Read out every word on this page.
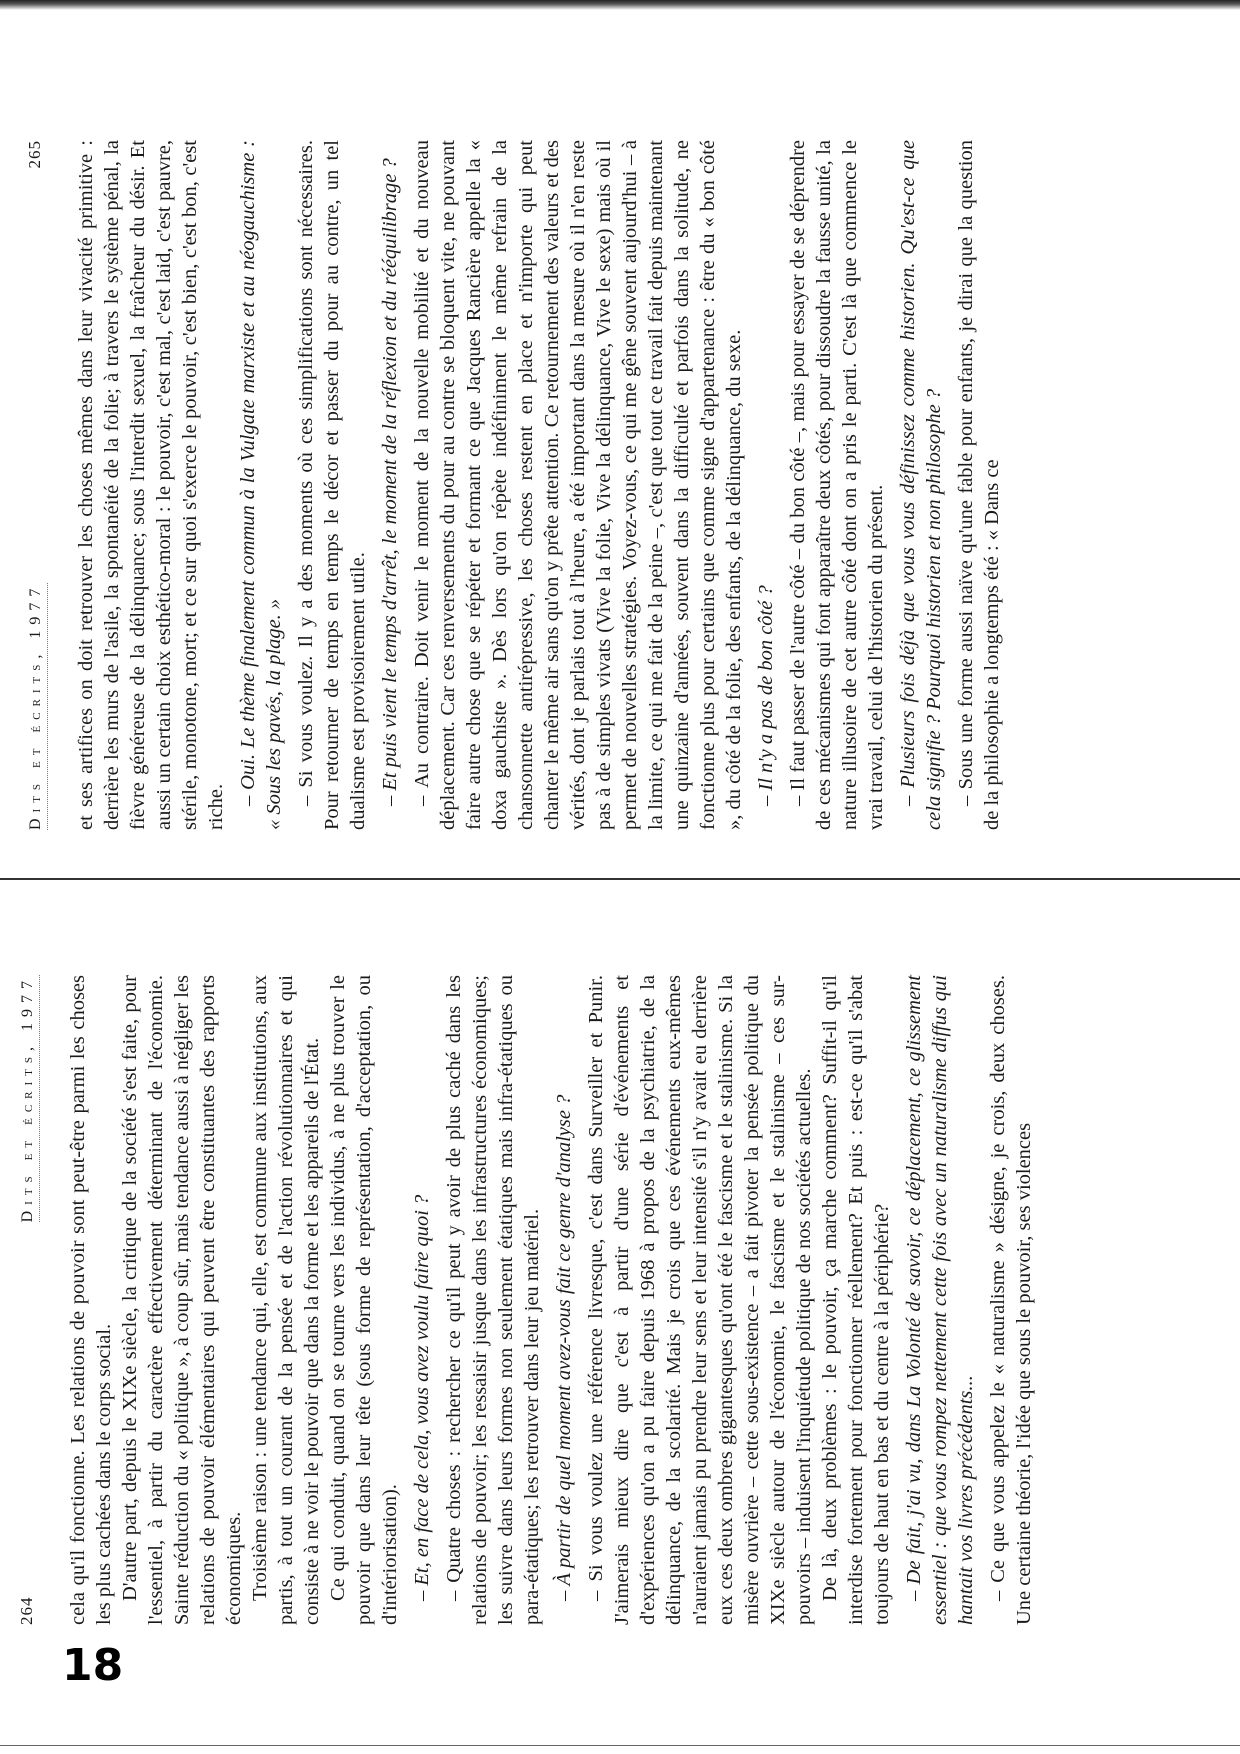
Dits et écrits, 1977
265 et ses artifices on doit retrouver les choses mêmes dans leur vivacité primitive : derrière les murs de l'asile, la spontanéité de la folie; à travers le système pénal, la fièvre généreuse de la délinquance; sous l'interdit sexuel, la fraîcheur du désir. Et aussi un certain choix esthético-moral : le pouvoir, c'est mal, c'est laid, c'est pauvre, stérile, monotone, mort; et ce sur quoi s'exerce le pouvoir, c'est bien, c'est bon, c'est riche.

– Oui. Le thème finalement commun à la Vulgate marxiste et au néogauchisme : « Sous les pavés, la plage. » – Si vous voulez. Il y a des moments où ces simplifications sont nécessaires. Pour retourner de temps en temps le décor et passer du pour au contre, un tel dualisme est provisoirement utile. – Et puis vient le temps d'arrêt, le moment de la réflexion et du rééquilibrage ? – Au contraire. Doit venir le moment de la nouvelle mobilité et du nouveau déplacement. Car ces renversements du pour au contre se bloquent vite, ne pouvant faire autre chose que se répéter et formant ce que Jacques Rancière appelle la « doxa gauchiste ». Dès lors qu'on répète indéfiniment le même refrain de la chansonnette antirépressive, les choses restent en place et n'importe qui peut chanter le même air sans qu'on y prête attention. Ce retournement des valeurs et des vérités, dont je parlais tout à l'heure, a été important dans la mesure où il n'en reste pas à de simples vivats (Vive la folie, Vive la délinquance, Vive le sexe) mais où il permet de nouvelles stratégies. Voyez-vous, ce qui me gêne souvent aujourd'hui – à la limite, ce qui me fait de la peine –, c'est que tout ce travail fait depuis maintenant une quinzaine d'années, souvent dans la difficulté et parfois dans la solitude, ne fonctionne plus pour certains que comme signe d'appartenance : être du « bon côté », du côté de la folie, des enfants, de la délinquance, du sexe. – Il n'y a pas de bon côté ? – Il faut passer de l'autre côté – du bon côté –, mais pour essayer de se déprendre de ces mécanismes qui font apparaître deux côtés, pour dissoudre la fausse unité, la nature illusoire de cet autre côté dont on a pris le parti. C'est là que commence le vrai travail, celui de l'historien du présent. – Plusieurs fois déjà que vous vous définissez comme historien. Qu'est-ce que cela signifie ? Pourquoi historien et non philosophe ? – Sous une forme aussi naïve qu'une fable pour enfants, je dirai que la question de la philosophie a longtemps été : « Dans ce

264
Dits et écrits, 1977 cela qu'il fonctionne. Les relations de pouvoir sont peut-être parmi les choses les plus cachées dans le corps social. D'autre part, depuis le XIXe siècle, la critique de la société s'est faite, pour l'essentiel, à partir du caractère effectivement déterminant de l'économie. Sainte réduction du « politique », à coup sûr, mais tendance aussi à négliger les relations de pouvoir élémentaires qui peuvent être constituantes des rapports économiques. Troisième raison : une tendance qui, elle, est commune aux institutions, aux partis, à tout un courant de la pensée et de l'action révolutionnaires et qui consiste à ne voir le pouvoir que dans la forme et les appareils de l'État. Ce qui conduit, quand on se tourne vers les individus, à ne plus trouver le pouvoir que dans leur tête (sous forme de représentation, d'acceptation, ou d'intériorisation). – Et, en face de cela, vous avez voulu faire quoi ? – Quatre choses : rechercher ce qu'il peut y avoir de plus caché dans les relations de pouvoir; les ressaisir jusque dans les infrastructures économiques; les suivre dans leurs formes non seulement étatiques mais infra-étatiques ou para-étatiques; les retrouver dans leur jeu matériel. – À partir de quel moment avez-vous fait ce genre d'analyse ? – Si vous voulez une référence livresque, c'est dans Surveiller et Punir. J'aimerais mieux dire que c'est à partir d'une série d'événements et d'expériences qu'on a pu faire depuis 1968 à propos de la psychiatrie, de la délinquance, de la scolarité. Mais je crois que ces événements eux-mêmes n'auraient jamais pu prendre leur sens et leur intensité s'il n'y avait eu derrière eux ces deux ombres gigantesques qu'ont été le fascisme et le stalinisme. Si la misère ouvrière – cette sous-existence – a fait pivoter la pensée politique du XIXe siècle autour de l'économie, le fascisme et le stalinisme – ces sur-pouvoirs – induisent l'inquiétude politique de nos sociétés actuelles. De là, deux problèmes : le pouvoir, ça marche comment? Suffit-il qu'il interdise fortement pour fonctionner réellement? Et puis : est-ce qu'il s'abat toujours de haut en bas et du centre à la périphérie? – De fait, j'ai vu, dans La Volonté de savoir, ce déplacement, ce glissement essentiel : que vous rompez nettement cette fois avec un naturalisme diffus qui hantait vos livres précédents... – Ce que vous appelez le « naturalisme » désigne, je crois, deux choses. Une certaine théorie, l'idée que sous le pouvoir, ses violences

18
